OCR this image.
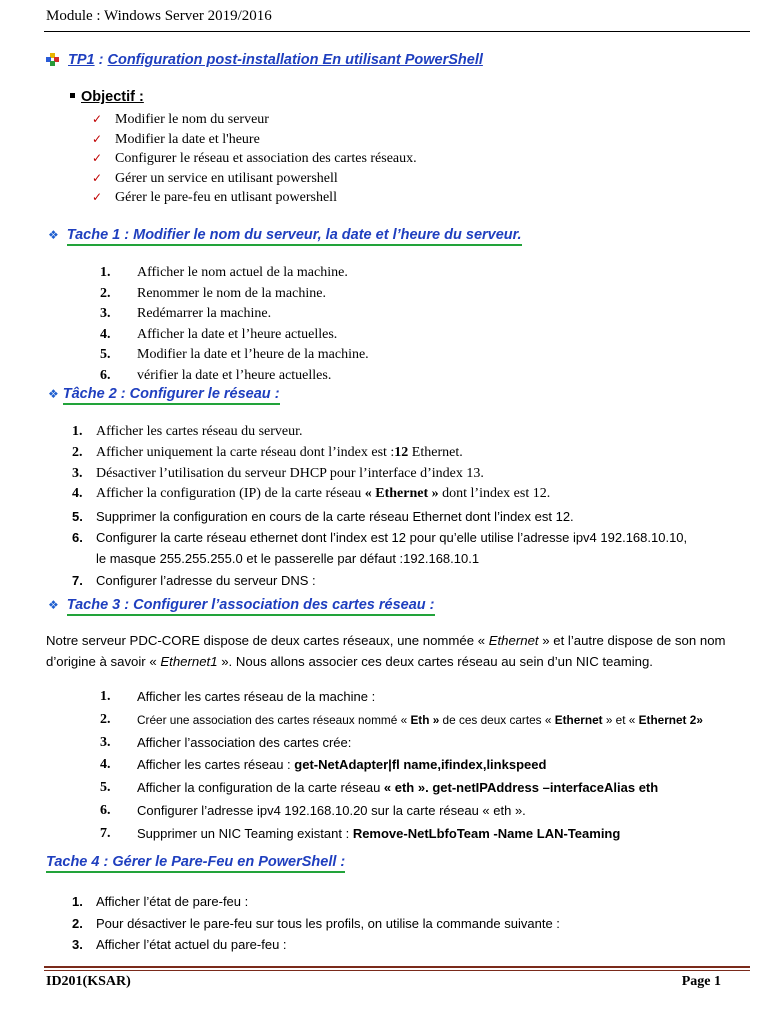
Module : Windows Server 2019/2016
TP1 : Configuration post-installation En utilisant PowerShell
Objectif :
✓ Modifier le nom du serveur
✓ Modifier la date et l'heure
✓ Configurer le réseau et association des cartes réseaux.
✓ Gérer un service en utilisant powershell
✓ Gérer le pare-feu en utlisant powershell
❖ Tache 1 : Modifier le nom du serveur, la date et l’heure du serveur.
1. Afficher le nom actuel de la machine.
2. Renommer le nom de la machine.
3. Redémarrer la machine.
4. Afficher la date et l’heure actuelles.
5. Modifier la date et l’heure de la machine.
6. vérifier la date et l’heure actuelles.
❖ Tâche 2 : Configurer le réseau :
1. Afficher les cartes réseau du serveur.
2. Afficher uniquement la carte réseau dont l’index est :12 Ethernet.
3. Désactiver l’utilisation du serveur DHCP pour l’interface d’index 13.
4. Afficher la configuration (IP) de la carte réseau « Ethernet » dont l’index est 12.
5. Supprimer la configuration en cours de la carte réseau Ethernet dont l’index est 12.
6. Configurer la carte réseau ethernet dont l’index est 12 pour qu’elle utilise l’adresse ipv4 192.168.10.10,
le masque 255.255.255.0 et le passerelle par défaut :192.168.10.1
7. Configurer l’adresse du serveur DNS :
❖ Tache 3 : Configurer l’association des cartes réseau :
Notre serveur PDC-CORE dispose de deux cartes réseaux, une nommée « Ethernet » et l’autre dispose de son nom d’origine à savoir « Ethernet1 ». Nous allons associer ces deux cartes réseau au sein d’un NIC teaming.
1. Afficher les cartes réseau de la machine :
2. Créer une association des cartes réseaux nommé « Eth » de ces deux cartes « Ethernet » et « Ethernet 2»
3. Afficher l’association des cartes crée:
4. Afficher les cartes réseau : get-NetAdapter|fl name,ifindex,linkspeed
5. Afficher la configuration de la carte réseau « eth ». get-netIPAddress –interfaceAlias eth
6. Configurer l’adresse ipv4 192.168.10.20 sur la carte réseau « eth ».
7. Supprimer un NIC Teaming existant : Remove-NetLbfoTeam -Name LAN-Teaming
Tache 4 : Gérer le Pare-Feu en PowerShell :
1. Afficher l’état de pare-feu :
2. Pour désactiver le pare-feu sur tous les profils, on utilise la commande suivante :
3. Afficher l’état actuel du pare-feu :
ID201(KSAR)	Page 1
